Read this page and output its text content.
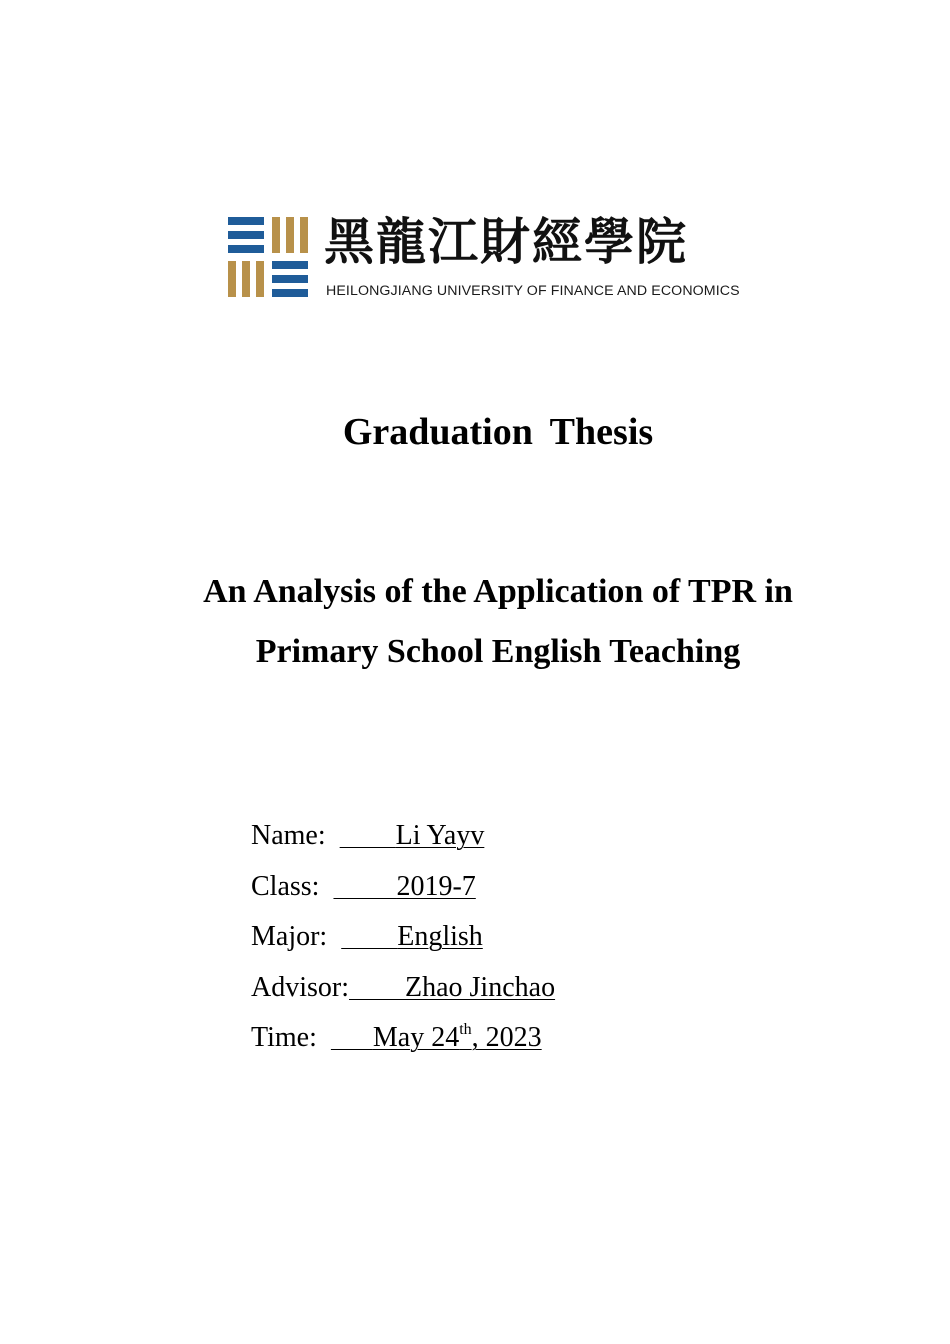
黑龍江財經學院
HEILONGJIANG UNIVERSITY OF FINANCE AND ECONOMICS
Graduation Thesis
An Analysis of the Application of TPR in
Primary School English Teaching
Name:	Li Yayv
Class:	2019-7
Major:	English
Advisor: Zhao Jinchao
Time: May 24th, 2023
